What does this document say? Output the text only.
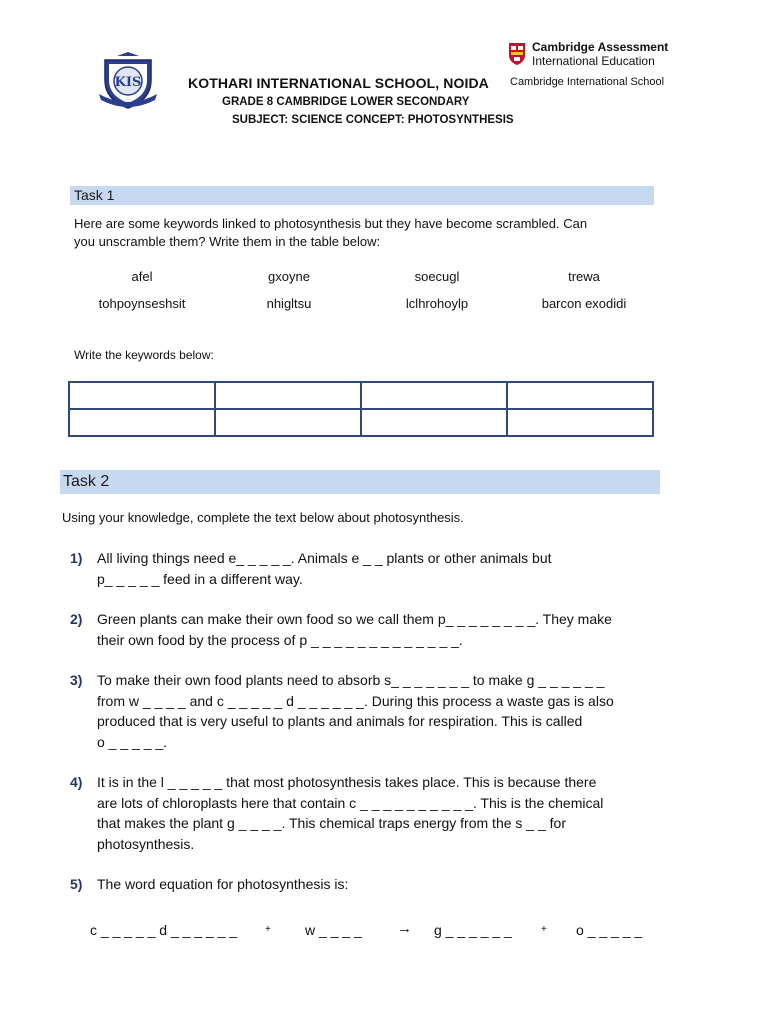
KIS
Cambridge Assessment
International Education
Cambridge International School
KOTHARI INTERNATIONAL SCHOOL, NOIDA
GRADE 8 CAMBRIDGE LOWER SECONDARY
SUBJECT: SCIENCE CONCEPT: PHOTOSYNTHESIS
Task 1
Here are some keywords linked to photosynthesis but they have become scrambled. Can
you unscramble them? Write them in the table below:
afel	gxoyne	soecugl	trewa
tohpoynseshsit	nhigltsu	lclhrohoylp	barcon exodidi
Write the keywords below:

Task 2
Using your knowledge, complete the text below about photosynthesis.
1) All living things need e_ _ _ _ _. Animals e _ _ plants or other animals but
p_ _ _ _ _ feed in a different way.
2) Green plants can make their own food so we call them p_ _ _ _ _ _ _ _. They make
their own food by the process of p _ _ _ _ _ _ _ _ _ _ _ _ _.
3) To make their own food plants need to absorb s_ _ _ _ _ _ _ to make g _ _ _ _ _ _
from w _ _ _ _ and c _ _ _ _ _ d _ _ _ _ _ _. During this process a waste gas is also
produced that is very useful to plants and animals for respiration. This is called
o _ _ _ _ _.
4) It is in the l _ _ _ _ _ that most photosynthesis takes place. This is because there
are lots of chloroplasts here that contain c _ _ _ _ _ _ _ _ _ _. This is the chemical
that makes the plant g _ _ _ _. This chemical traps energy from the s _ _ for
photosynthesis.
5) The word equation for photosynthesis is:
c _ _ _ _ _ d _ _ _ _ _ _	+ w _ _ _ _ → g _ _ _ _ _ _	+ o _ _ _ _ _
